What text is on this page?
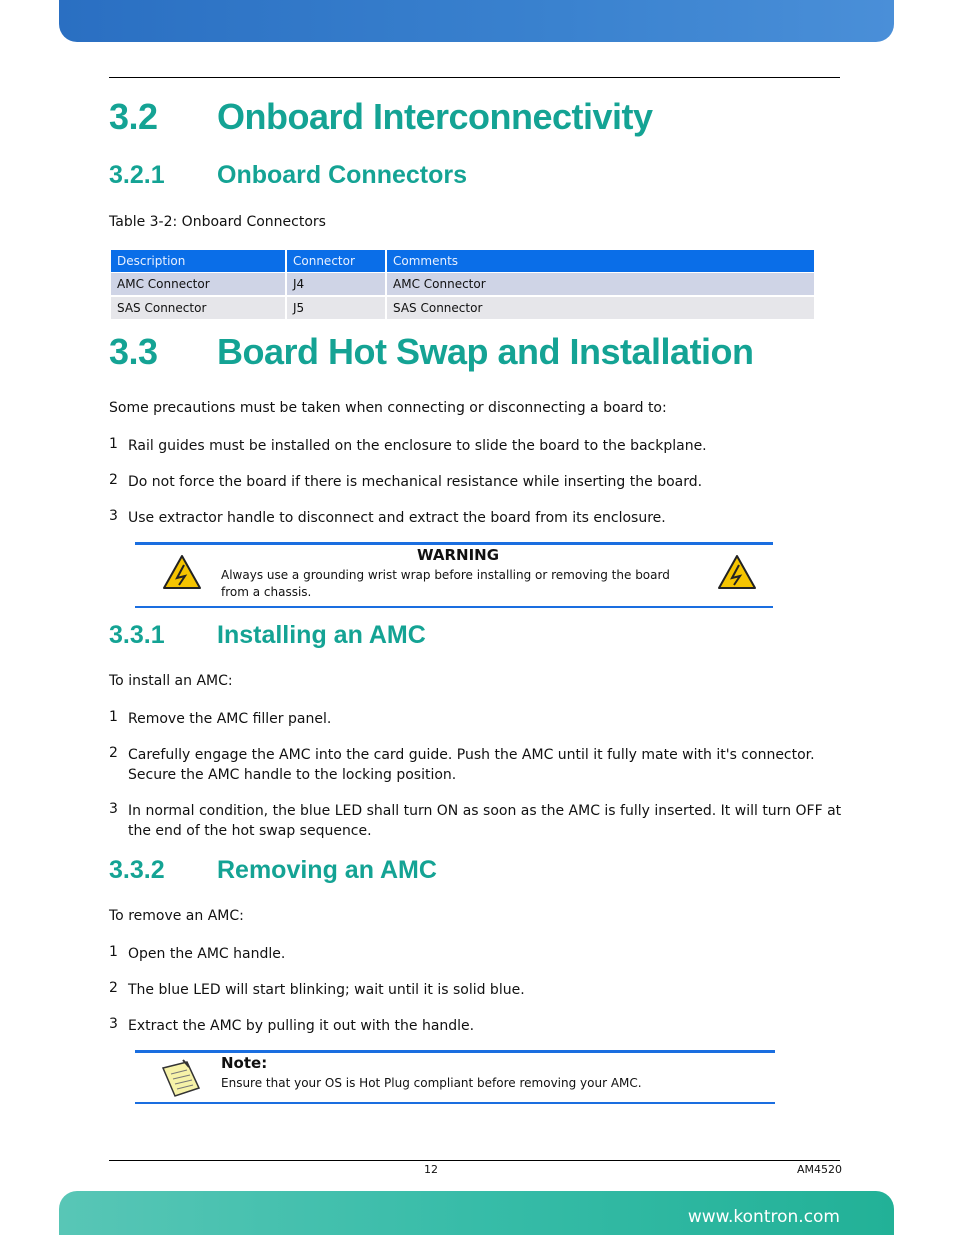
3.2 Onboard Interconnectivity
3.2.1 Onboard Connectors

Table 3-2: Onboard Connectors

Description	Connector	Comments
AMC Connector	J4	AMC Connector
SAS Connector	J5	SAS Connector
3.3 Board Hot Swap and Installation

Some precautions must be taken when connecting or disconnecting a board to:

1 Rail guides must be installed on the enclosure to slide the board to the backplane.
2 Do not force the board if there is mechanical resistance while inserting the board.
3 Use extractor handle to disconnect and extract the board from its enclosure.
WARNING
Always use a grounding wrist wrap before installing or removing the board from a chassis.
3.3.1 Installing an AMC

To install an AMC:

1 Remove the AMC filler panel.
2 Carefully engage the AMC into the card guide. Push the AMC until it fully mate with it's connector. Secure the AMC handle to the locking position.
3 In normal condition, the blue LED shall turn ON as soon as the AMC is fully inserted. It will turn OFF at the end of the hot swap sequence.
3.3.2 Removing an AMC

To remove an AMC:

1 Open the AMC handle.
2 The blue LED will start blinking; wait until it is solid blue.
3 Extract the AMC by pulling it out with the handle.
Note:
Ensure that your OS is Hot Plug compliant before removing your AMC.
12	AM4520
www.kontron.com
